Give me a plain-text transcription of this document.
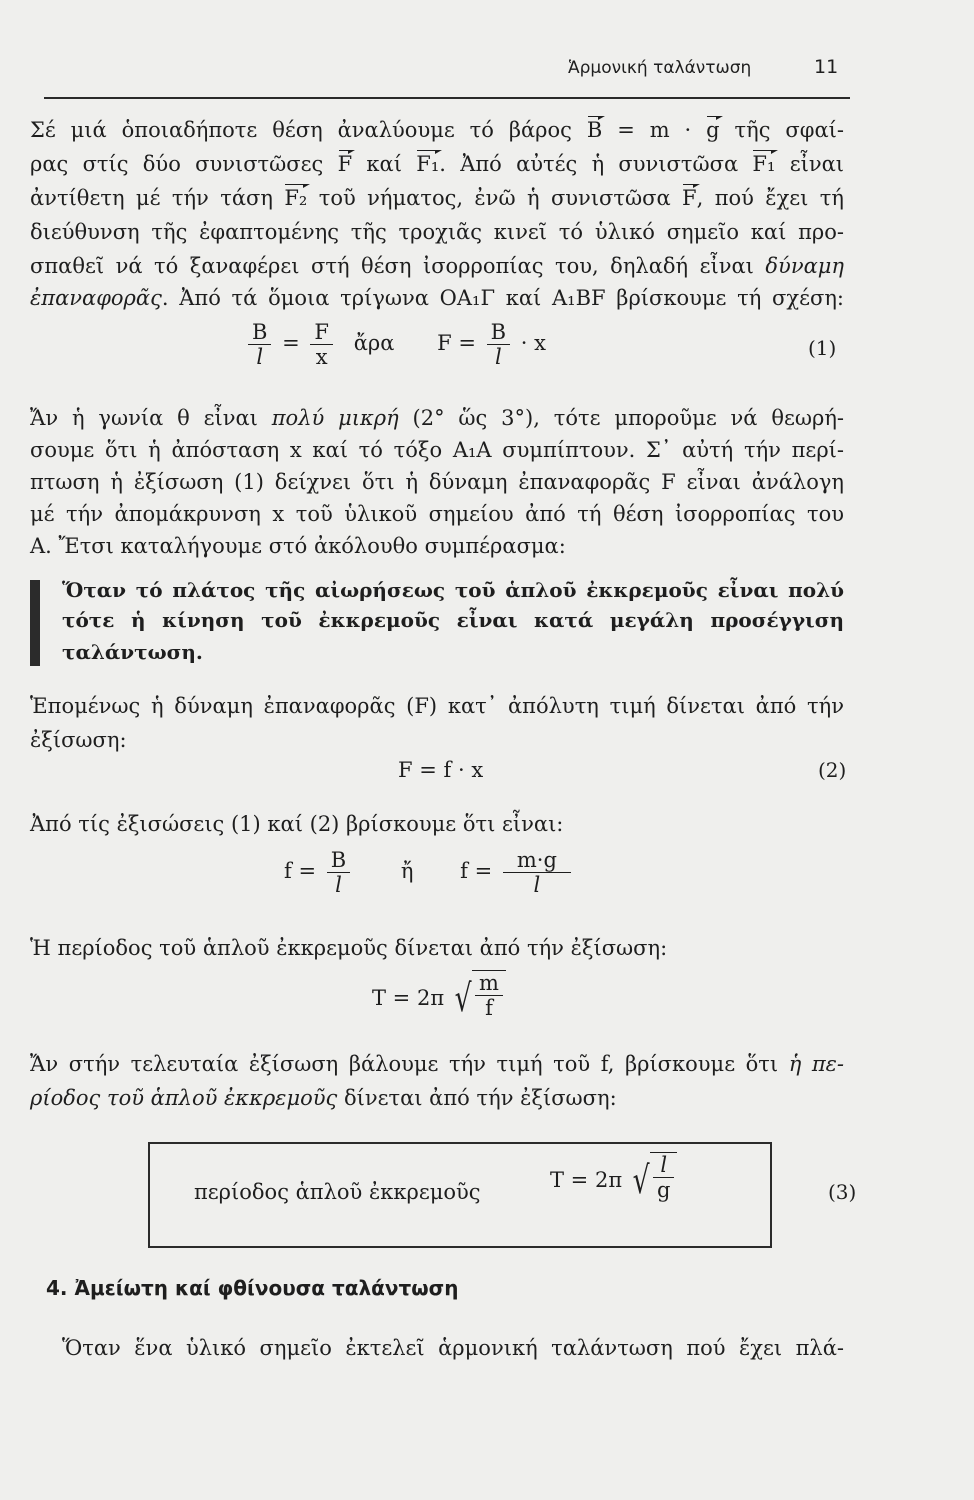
Ἁρμονική ταλάντωση	11
Σέ μιά ὁποιαδήποτε θέση ἀναλύουμε τό βάρος B = m · g τῆς σφαί-
ρας στίς δύο συνιστῶσες F καί F₁. Ἀπό αὐτές ἡ συνιστῶσα F₁ εἶναι
ἀντίθετη μέ τήν τάση F₂ τοῦ νήματος, ἐνῶ ἡ συνιστῶσα F, πού ἔχει τή
διεύθυνση τῆς ἐφαπτομένης τῆς τροχιᾶς κινεῖ τό ὑλικό σημεῖο καί προ-
σπαθεῖ νά τό ξαναφέρει στή θέση ἰσορροπίας του, δηλαδή εἶναι δύναμη
ἐπαναφορᾶς. Ἀπό τά ὅμοια τρίγωνα ΟΑ₁Γ καί Α₁ΒF βρίσκουμε τή σχέση:
$\frac{B}{l} = \frac{F}{x}$ ἄρα $F = \frac{B}{l} \cdot x$	(1)
Ἄν ἡ γωνία θ εἶναι πολύ μικρή (2° ὥς 3°), τότε μποροῦμε νά θεωρή-
σουμε ὅτι ἡ ἀπόσταση x καί τό τόξο Α₁Α συμπίπτουν. Σ᾽ αὐτή τήν περί-
πτωση ἡ ἐξίσωση (1) δείχνει ὅτι ἡ δύναμη ἐπαναφορᾶς F εἶναι ἀνάλογη
μέ τήν ἀπομάκρυνση x τοῦ ὑλικοῦ σημείου ἀπό τή θέση ἰσορροπίας του
Α. Ἔτσι καταλήγουμε στό ἀκόλουθο συμπέρασμα:
Ὅταν τό πλάτος τῆς αἰωρήσεως τοῦ ἁπλοῦ ἐκκρεμοῦς εἶναι πολύ
τότε ἡ κίνηση τοῦ ἐκκρεμοῦς εἶναι κατά μεγάλη προσέγγιση
ταλάντωση.
Ἑπομένως ἡ δύναμη ἐπαναφορᾶς (F) κατ᾽ ἀπόλυτη τιμή δίνεται ἀπό τήν
ἐξίσωση:
F = f · x	(2)
Ἀπό τίς ἐξισώσεις (1) καί (2) βρίσκουμε ὅτι εἶναι:
$f = \frac{B}{l}$ ἤ $f = \frac{m\cdot g}{l}$
Ἡ περίοδος τοῦ ἁπλοῦ ἐκκρεμοῦς δίνεται ἀπό τήν ἐξίσωση:
T = 2π √ $\frac{m}{f}$
Ἄν στήν τελευταία ἐξίσωση βάλουμε τήν τιμή τοῦ f, βρίσκουμε ὅτι ἡ πε-
ρίοδος τοῦ ἁπλοῦ ἐκκρεμοῦς δίνεται ἀπό τήν ἐξίσωση:
περίοδος ἁπλοῦ ἐκκρεμοῦς	T = 2π √ $\frac{l}{g}$	(3)
4. Ἀμείωτη καί φθίνουσα ταλάντωση
Ὅταν ἕνα ὑλικό σημεῖο ἐκτελεῖ ἁρμονική ταλάντωση πού ἔχει πλά-
